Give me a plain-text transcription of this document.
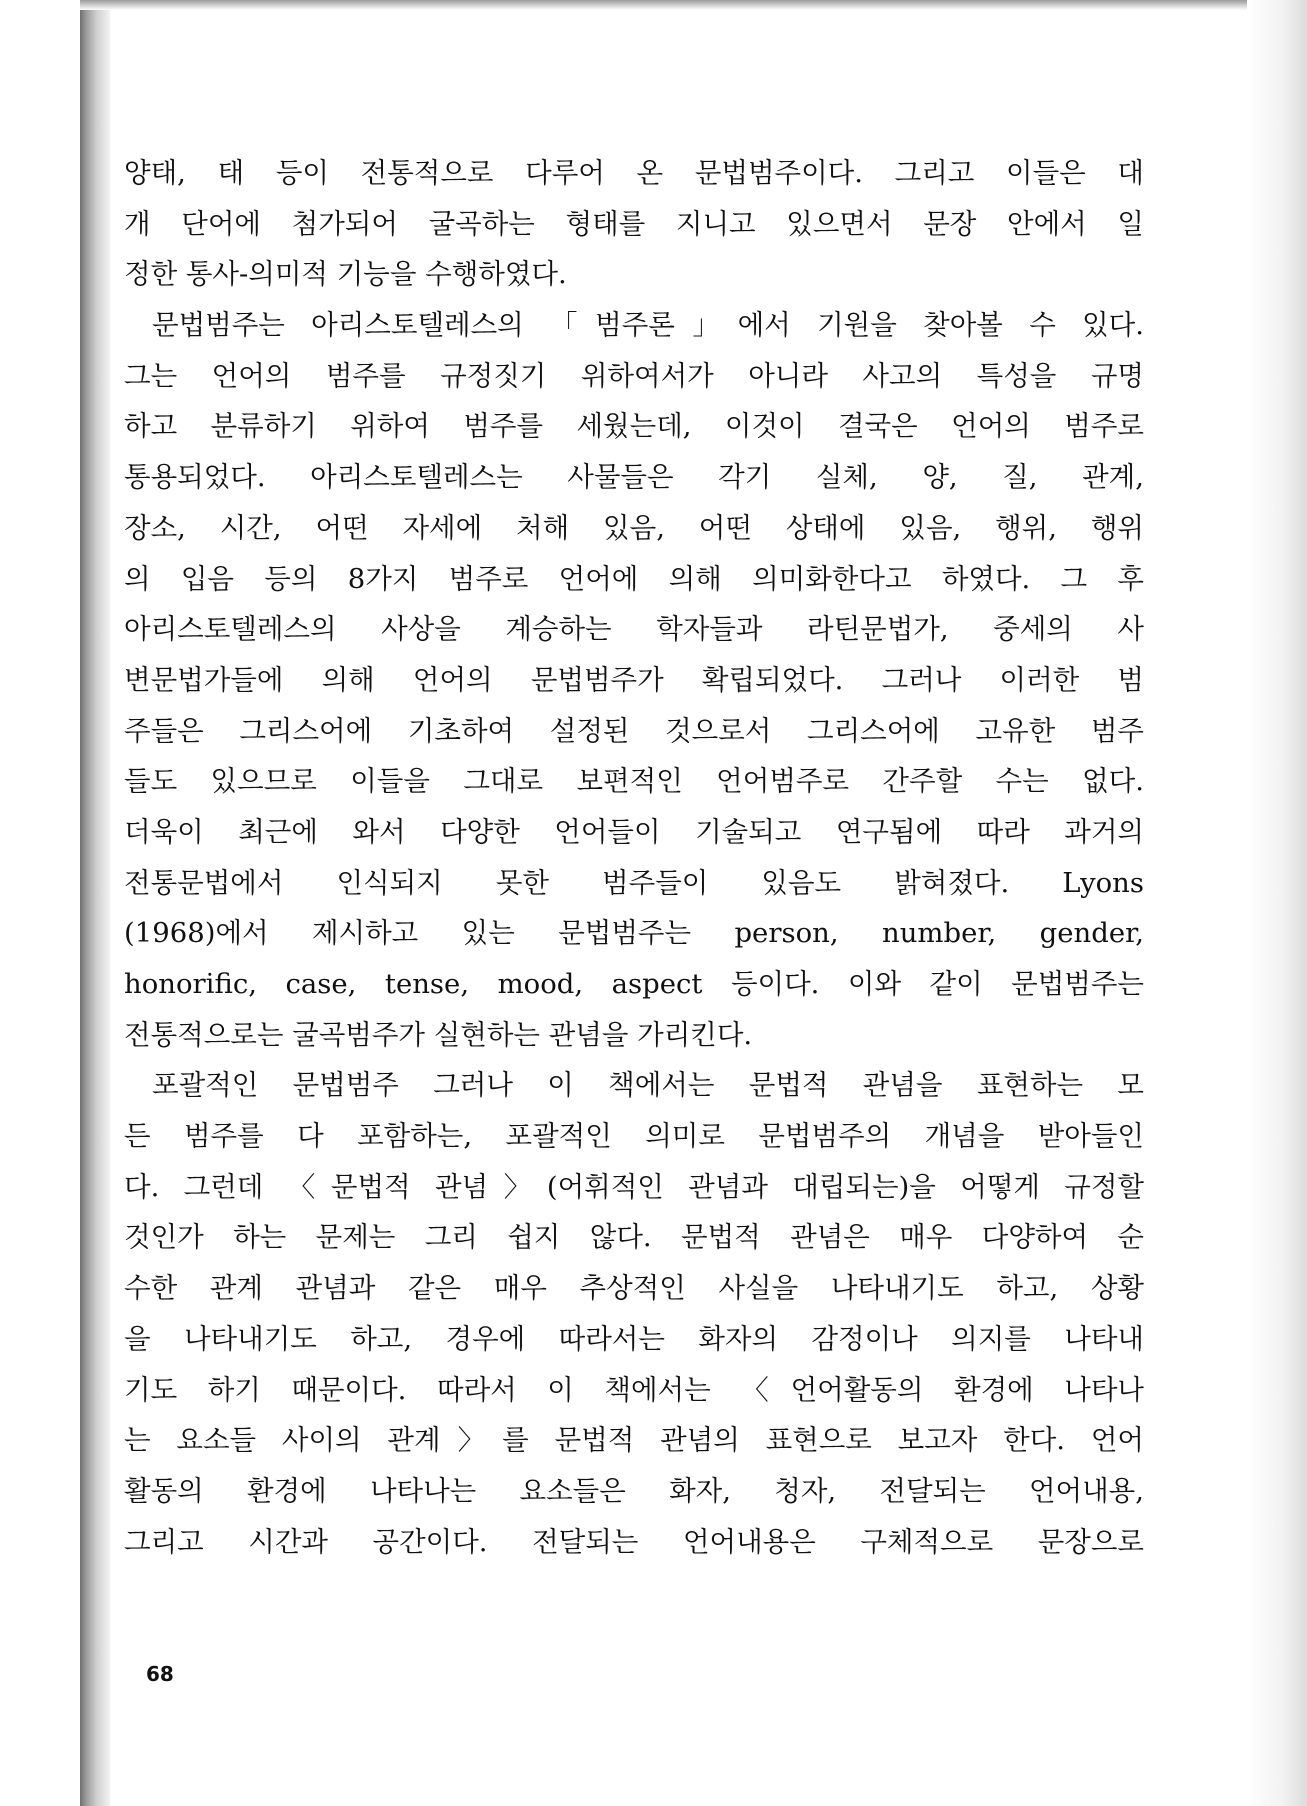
양태, 태 등이 전통적으로 다루어 온 문법범주이다. 그리고 이들은 대
개 단어에 첨가되어 굴곡하는 형태를 지니고 있으면서 문장 안에서 일
정한 통사-의미적 기능을 수행하였다.
문법범주는 아리스토텔레스의 「범주론」에서 기원을 찾아볼 수 있다.
그는 언어의 범주를 규정짓기 위하여서가 아니라 사고의 특성을 규명
하고 분류하기 위하여 범주를 세웠는데, 이것이 결국은 언어의 범주로
통용되었다. 아리스토텔레스는 사물들은 각기 실체, 양, 질, 관계,
장소, 시간, 어떤 자세에 처해 있음, 어떤 상태에 있음, 행위, 행위
의 입음 등의 8가지 범주로 언어에 의해 의미화한다고 하였다. 그 후
아리스토텔레스의 사상을 계승하는 학자들과 라틴문법가, 중세의 사
변문법가들에 의해 언어의 문법범주가 확립되었다. 그러나 이러한 범
주들은 그리스어에 기초하여 설정된 것으로서 그리스어에 고유한 범주
들도 있으므로 이들을 그대로 보편적인 언어범주로 간주할 수는 없다.
더욱이 최근에 와서 다양한 언어들이 기술되고 연구됨에 따라 과거의
전통문법에서 인식되지 못한 범주들이 있음도 밝혀졌다. Lyons
(1968)에서 제시하고 있는 문법범주는 person, number, gender,
honorific, case, tense, mood, aspect 등이다. 이와 같이 문법범주는
전통적으로는 굴곡범주가 실현하는 관념을 가리킨다.
포괄적인 문법범주 그러나 이 책에서는 문법적 관념을 표현하는 모
든 범주를 다 포함하는, 포괄적인 의미로 문법범주의 개념을 받아들인
다. 그런데 〈문법적 관념〉(어휘적인 관념과 대립되는)을 어떻게 규정할
것인가 하는 문제는 그리 쉽지 않다. 문법적 관념은 매우 다양하여 순
수한 관계 관념과 같은 매우 추상적인 사실을 나타내기도 하고, 상황
을 나타내기도 하고, 경우에 따라서는 화자의 감정이나 의지를 나타내
기도 하기 때문이다. 따라서 이 책에서는 〈언어활동의 환경에 나타나
는 요소들 사이의 관계〉를 문법적 관념의 표현으로 보고자 한다. 언어
활동의 환경에 나타나는 요소들은 화자, 청자, 전달되는 언어내용,
그리고 시간과 공간이다. 전달되는 언어내용은 구체적으로 문장으로
68
